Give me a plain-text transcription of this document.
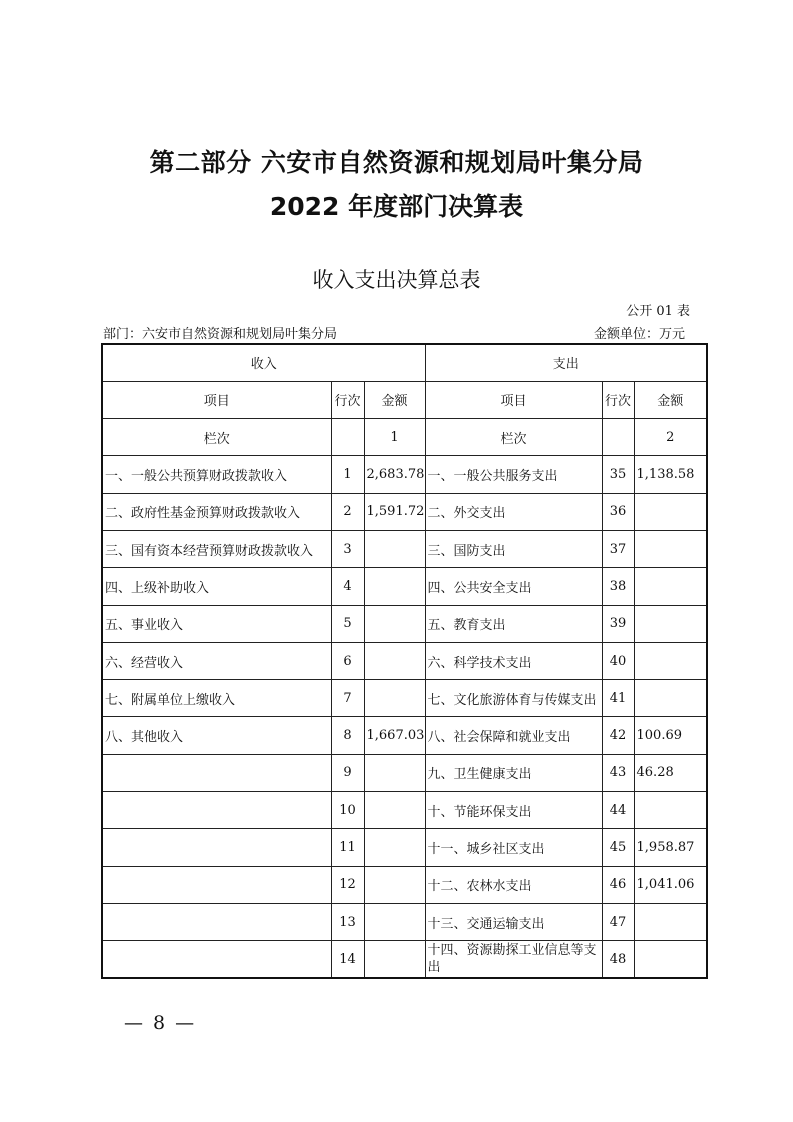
第二部分 六安市自然资源和规划局叶集分局
2022 年度部门决算表
收入支出决算总表
公开 01 表
部门：六安市自然资源和规划局叶集分局	金额单位：万元
收入			支出		
项目	行次	金额	项目	行次	金额
栏次		1	栏次		2
一、一般公共预算财政拨款收入	1	2,683.78	一、一般公共服务支出	35	1,138.58
二、政府性基金预算财政拨款收入	2	1,591.72	二、外交支出	36	
三、国有资本经营预算财政拨款收入	3		三、国防支出	37	
四、上级补助收入	4		四、公共安全支出	38	
五、事业收入	5		五、教育支出	39	
六、经营收入	6		六、科学技术支出	40	
七、附属单位上缴收入	7		七、文化旅游体育与传媒支出	41	
八、其他收入	8	1,667.03	八、社会保障和就业支出	42	100.69
	9		九、卫生健康支出	43	46.28
	10		十、节能环保支出	44	
	11		十一、城乡社区支出	45	1,958.87
	12		十二、农林水支出	46	1,041.06
	13		十三、交通运输支出	47	
	14		十四、资源勘探工业信息等支出	48	
— 8 —
